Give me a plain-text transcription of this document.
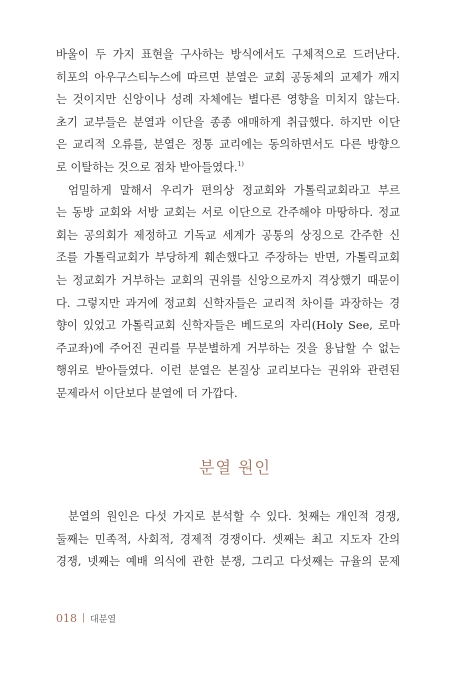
바울이 두 가지 표현을 구사하는 방식에서도 구체적으로 드러난다.
히포의 아우구스티누스에 따르면 분열은 교회 공동체의 교제가 깨지
는 것이지만 신앙이나 성례 자체에는 별다른 영향을 미치지 않는다.
초기 교부들은 분열과 이단을 종종 애매하게 취급했다. 하지만 이단
은 교리적 오류를, 분열은 정통 교리에는 동의하면서도 다른 방향으
로 이탈하는 것으로 점차 받아들였다.$^{1)}$
엄밀하게 말해서 우리가 편의상 정교회와 가톨릭교회라고 부르
는 동방 교회와 서방 교회는 서로 이단으로 간주해야 마땅하다. 정교
회는 공의회가 제정하고 기독교 세계가 공통의 상징으로 간주한 신
조를 가톨릭교회가 부당하게 훼손했다고 주장하는 반면, 가톨릭교회
는 정교회가 거부하는 교회의 권위를 신앙으로까지 격상했기 때문이
다. 그렇지만 과거에 정교회 신학자들은 교리적 차이를 과장하는 경
향이 있었고 가톨릭교회 신학자들은 베드로의 자리(Holy See, 로마
주교좌)에 주어진 권리를 무분별하게 거부하는 것을 용납할 수 없는
행위로 받아들였다. 이런 분열은 본질상 교리보다는 권위와 관련된
문제라서 이단보다 분열에 더 가깝다.
분열 원인
분열의 원인은 다섯 가지로 분석할 수 있다. 첫째는 개인적 경쟁,
둘째는 민족적, 사회적, 경제적 경쟁이다. 셋째는 최고 지도자 간의
경쟁, 넷째는 예배 의식에 관한 분쟁, 그리고 다섯째는 규율의 문제
018 | 대분열
